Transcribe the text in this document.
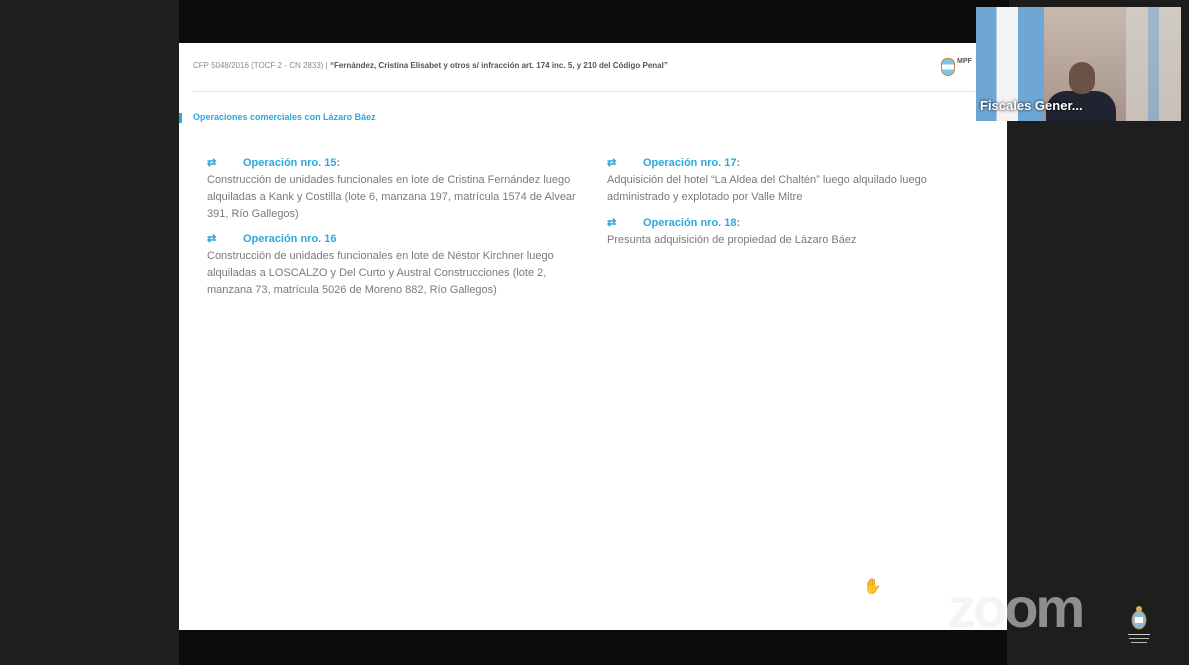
CFP 5048/2016 (TOCF 2 - CN 2833) | “Fernández, Cristina Elisabet y otros s/ infracción art. 174 inc. 5, y 210 del Código Penal”	MPF
Operaciones comerciales con Lázaro Báez
⇄ Operación nro. 15:
Construcción de unidades funcionales en lote de Cristina Fernández luego alquiladas a Kank y Costilla (lote 6, manzana 197, matrícula 1574 de Alvear 391, Río Gallegos)
⇄ Operación nro. 16
Construcción de unidades funcionales en lote de Néstor Kirchner luego alquiladas a LOSCALZO y Del Curto y Austral Construcciones (lote 2, manzana 73, matrícula 5026 de Moreno 882, Río Gallegos)
⇄ Operación nro. 17:
Adquisición del hotel “La Aldea del Chaltén” luego alquilado luego administrado y explotado por Valle Mitre
⇄ Operación nro. 18:
Presunta adquisición de propiedad de Lázaro Báez
✋ zoom
Fiscales Gener...
